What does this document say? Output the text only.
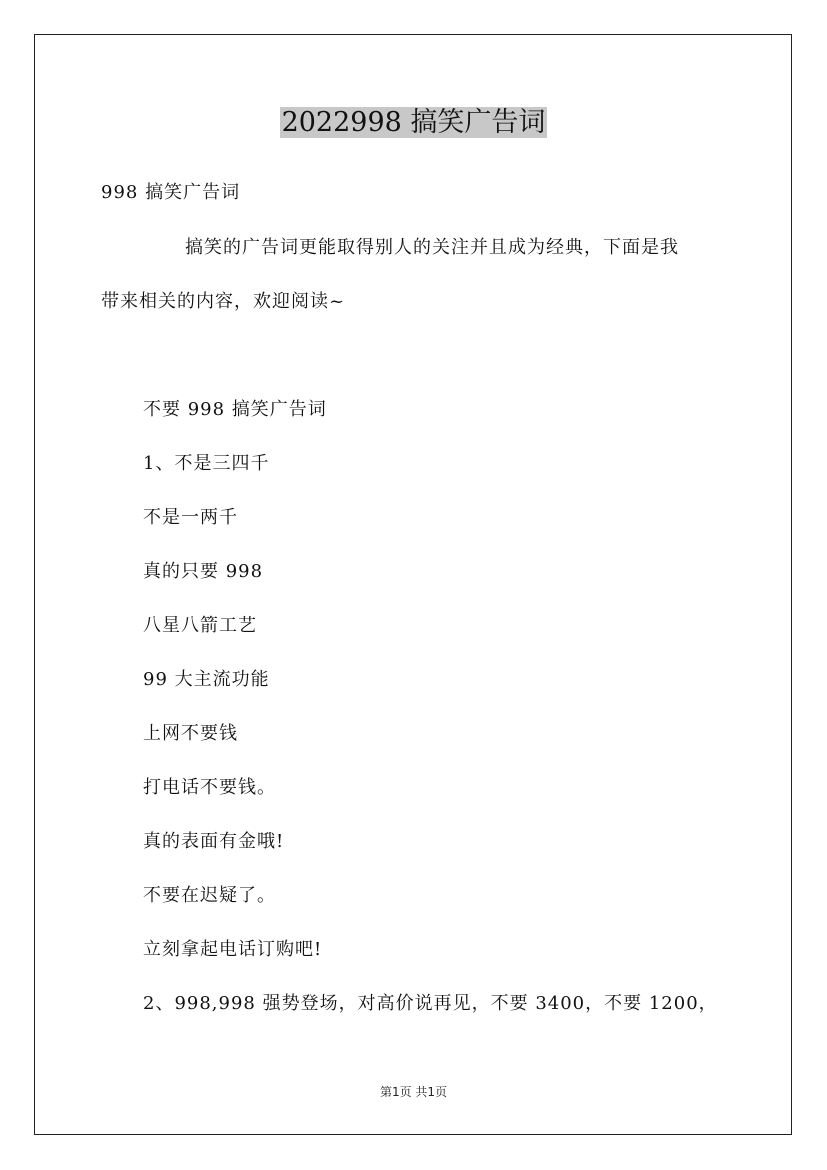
2022998 搞笑广告词
998 搞笑广告词
搞笑的广告词更能取得别人的关注并且成为经典，下面是我
带来相关的内容，欢迎阅读~
不要 998 搞笑广告词
1、不是三四千
不是一两千
真的只要 998
八星八箭工艺
99 大主流功能
上网不要钱
打电话不要钱。
真的表面有金哦!
不要在迟疑了。
立刻拿起电话订购吧!
2、998,998 强势登场，对高价说再见，不要 3400，不要 1200，
第1页 共1页
